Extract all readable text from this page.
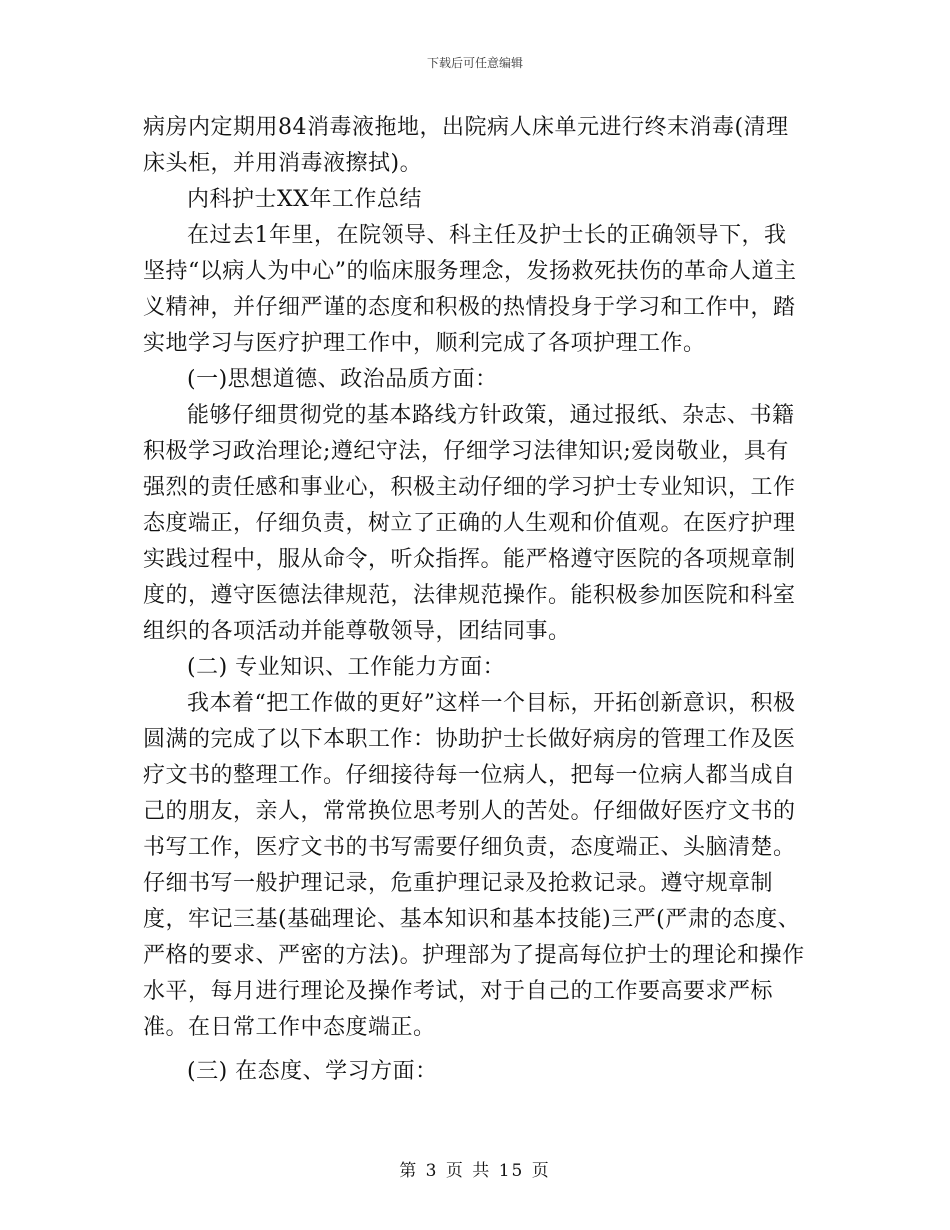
下载后可任意编辑

病房内定期用84消毒液拖地，出院病人床单元进行终末消毒(清理床头柜，并用消毒液擦拭)。

内科护士XX年工作总结

在过去1年里，在院领导、科主任及护士长的正确领导下，我坚持“以病人为中心”的临床服务理念，发扬救死扶伤的革命人道主义精神，并仔细严谨的态度和积极的热情投身于学习和工作中，踏实地学习与医疗护理工作中，顺利完成了各项护理工作。

(一)思想道德、政治品质方面：

能够仔细贯彻党的基本路线方针政策，通过报纸、杂志、书籍积极学习政治理论;遵纪守法，仔细学习法律知识;爱岗敬业，具有强烈的责任感和事业心，积极主动仔细的学习护士专业知识，工作态度端正，仔细负责，树立了正确的人生观和价值观。在医疗护理实践过程中，服从命令，听众指挥。能严格遵守医院的各项规章制度的，遵守医德法律规范，法律规范操作。能积极参加医院和科室组织的各项活动并能尊敬领导，团结同事。

(二) 专业知识、工作能力方面：

我本着“把工作做的更好”这样一个目标，开拓创新意识，积极圆满的完成了以下本职工作：协助护士长做好病房的管理工作及医疗文书的整理工作。仔细接待每一位病人，把每一位病人都当成自己的朋友，亲人，常常换位思考别人的苦处。仔细做好医疗文书的书写工作，医疗文书的书写需要仔细负责，态度端正、头脑清楚。仔细书写一般护理记录，危重护理记录及抢救记录。遵守规章制度，牢记三基(基础理论、基本知识和基本技能)三严(严肃的态度、严格的要求、严密的方法)。护理部为了提高每位护士的理论和操作水平，每月进行理论及操作考试，对于自己的工作要高要求严标准。在日常工作中态度端正。

(三) 在态度、学习方面：

第 3 页 共 15 页
